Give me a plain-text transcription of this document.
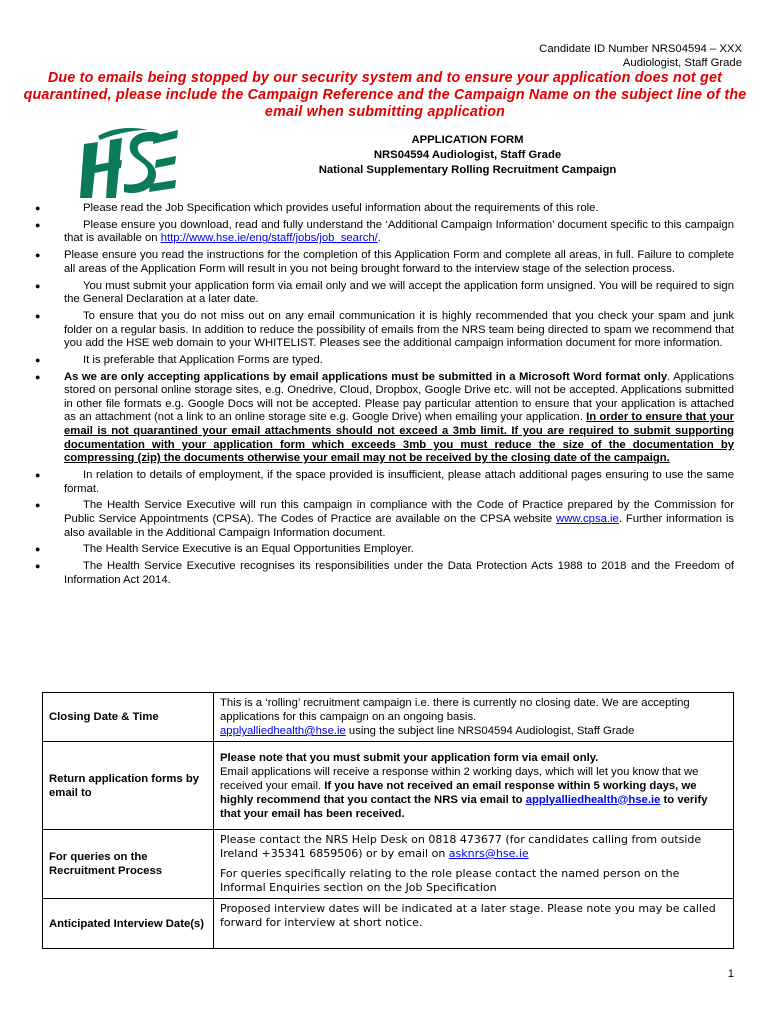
Candidate ID Number NRS04594 – XXX
Audiologist, Staff Grade
Due to emails being stopped by our security system and to ensure your application does not get quarantined, please include the Campaign Reference and the Campaign Name on the subject line of the email when submitting application
APPLICATION FORM
NRS04594 Audiologist, Staff Grade
National Supplementary Rolling Recruitment Campaign
●	Please read the Job Specification which provides useful information about the requirements of this role.
●	Please ensure you download, read and fully understand the ‘Additional Campaign Information’ document specific to this campaign that is available on http://www.hse.ie/eng/staff/jobs/job_search/.
● Please ensure you read the instructions for the completion of this Application Form and complete all areas, in full. Failure to complete all areas of the Application Form will result in you not being brought forward to the interview stage of the selection process.
●	You must submit your application form via email only and we will accept the application form unsigned. You will be required to sign the General Declaration at a later date.
●	To ensure that you do not miss out on any email communication it is highly recommended that you check your spam and junk folder on a regular basis. In addition to reduce the possibility of emails from the NRS team being directed to spam we recommend that you add the HSE web domain to your WHITELIST. Pleases see the additional campaign information document for more information.
●	It is preferable that Application Forms are typed.
● As we are only accepting applications by email applications must be submitted in a Microsoft Word format only. Applications stored on personal online storage sites, e.g. Onedrive, Cloud, Dropbox, Google Drive etc. will not be accepted. Applications submitted in other file formats e.g. Google Docs will not be accepted. Please pay particular attention to ensure that your application is attached as an attachment (not a link to an online storage site e.g. Google Drive) when emailing your application. In order to ensure that your email is not quarantined your email attachments should not exceed a 3mb limit. If you are required to submit supporting documentation with your application form which exceeds 3mb you must reduce the size of the documentation by compressing (zip) the documents otherwise your email may not be received by the closing date of the campaign.
●	In relation to details of employment, if the space provided is insufficient, please attach additional pages ensuring to use the same format.
●	The Health Service Executive will run this campaign in compliance with the Code of Practice prepared by the Commission for Public Service Appointments (CPSA). The Codes of Practice are available on the CPSA website www.cpsa.ie. Further information is also available in the Additional Campaign Information document.
●	The Health Service Executive is an Equal Opportunities Employer.
●	The Health Service Executive recognises its responsibilities under the Data Protection Acts 1988 to 2018 and the Freedom of Information Act 2014.
Closing Date & Time	This is a ‘rolling’ recruitment campaign i.e. there is currently no closing date. We are accepting applications for this campaign on an ongoing basis.
applyalliedhealth@hse.ie using the subject line NRS04594 Audiologist, Staff Grade
Return application forms by email to	Please note that you must submit your application form via email only.
Email applications will receive a response within 2 working days, which will let you know that we received your email. If you have not received an email response within 5 working days, we highly recommend that you contact the NRS via email to applyalliedhealth@hse.ie to verify that your email has been received.
For queries on the Recruitment Process	Please contact the NRS Help Desk on 0818 473677 (for candidates calling from outside Ireland +35341 6859506) or by email on asknrs@hse.ie
For queries specifically relating to the role please contact the named person on the Informal Enquiries section on the Job Specification
Anticipated Interview Date(s)	Proposed interview dates will be indicated at a later stage. Please note you may be called forward for interview at short notice.
1
